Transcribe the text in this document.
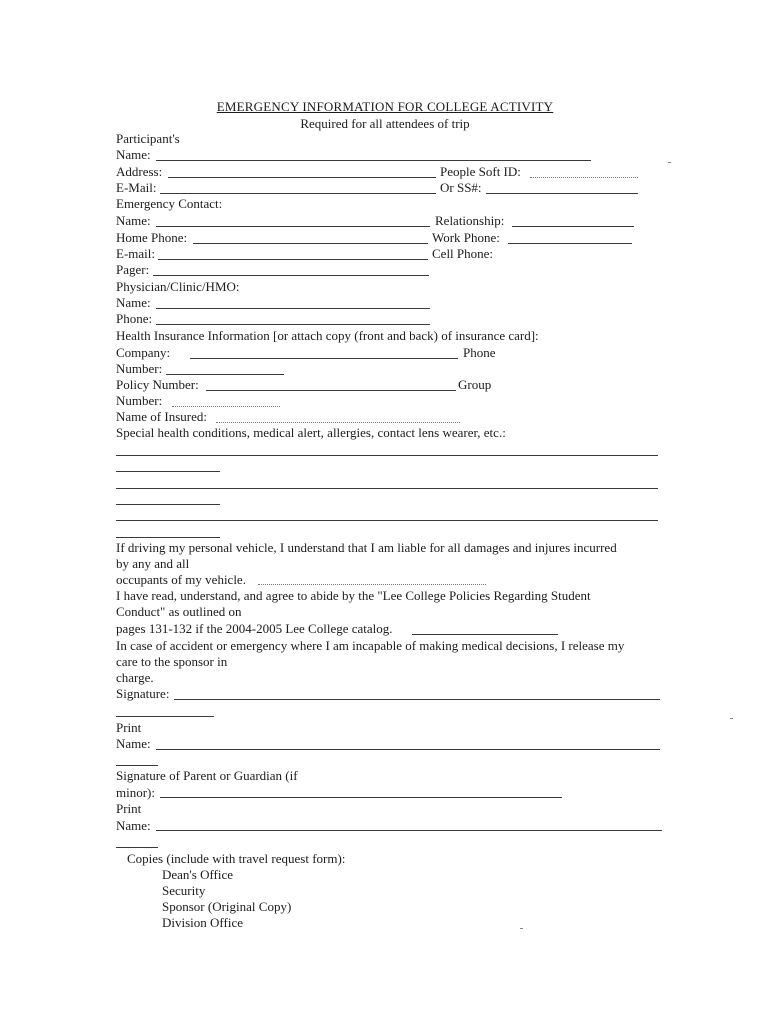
EMERGENCY INFORMATION FOR COLLEGE ACTIVITY
Required for all attendees of trip
Participant's
Name:
Address:	People Soft ID:
E-Mail:	Or SS#:
Emergency Contact:
Name:	Relationship:
Home Phone:	Work Phone:
E-mail:	Cell Phone:
Pager:
Physician/Clinic/HMO:
Name:
Phone:
Health Insurance Information [or attach copy (front and back) of insurance card]:
Company:	Phone
Number:
Policy Number:	Group
Number:
Name of Insured:
Special health conditions, medical alert, allergies, contact lens wearer, etc.:
If driving my personal vehicle, I understand that I am liable for all damages and injures incurred
by any and all
occupants of my vehicle.
I have read, understand, and agree to abide by the "Lee College Policies Regarding Student
Conduct" as outlined on
pages 131-132 if the 2004-2005 Lee College catalog.
In case of accident or emergency where I am incapable of making medical decisions, I release my
care to the sponsor in
charge.
Signature:
Print
Name:
Signature of Parent or Guardian (if
minor):
Print
Name:
Copies (include with travel request form):
Dean's Office
Security
Sponsor (Original Copy)
Division Office
